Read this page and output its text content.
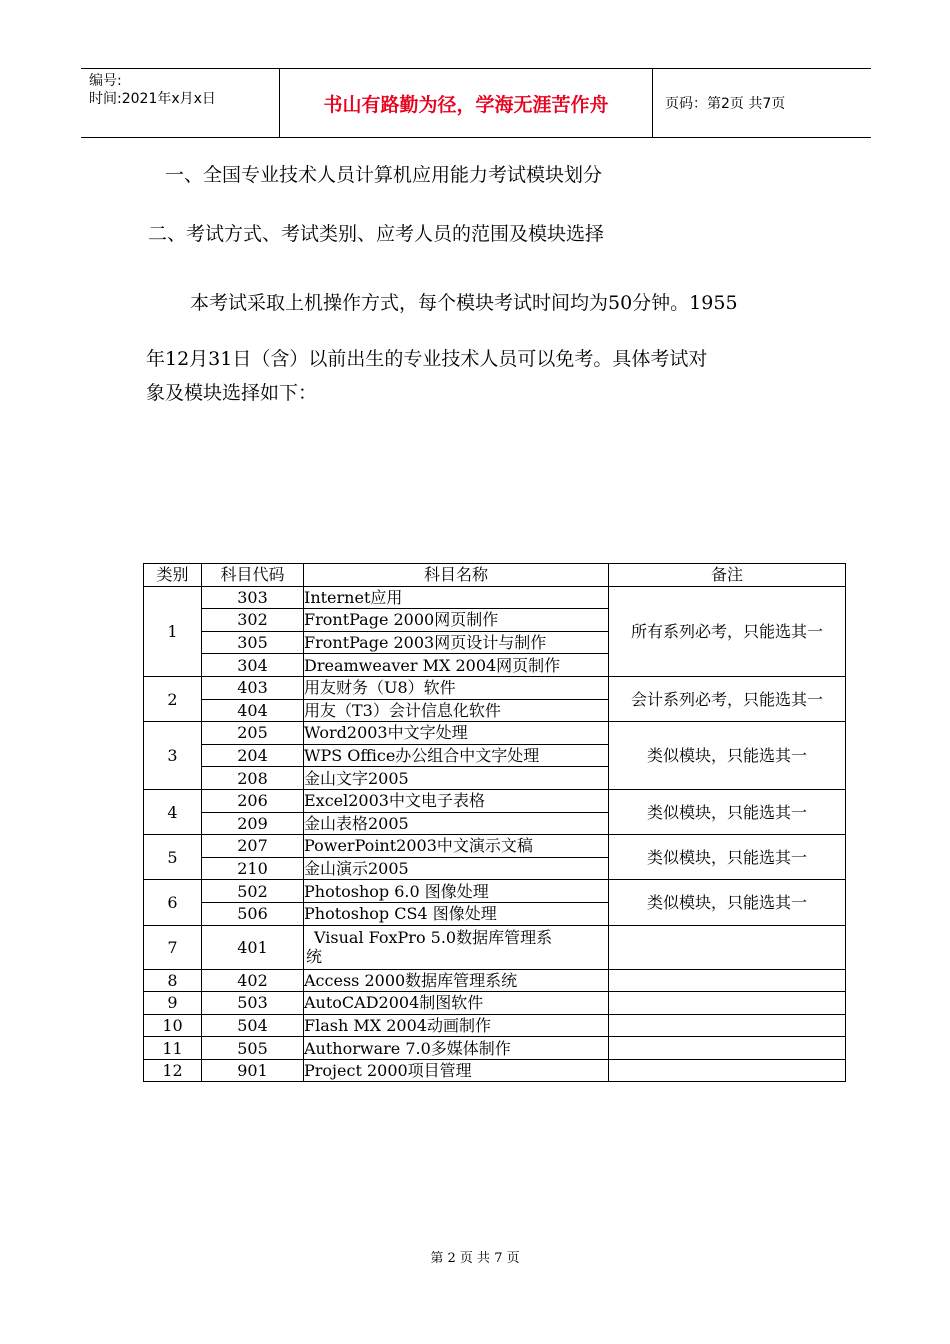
编号:
时间:2021年x月x日	书山有路勤为径，学海无涯苦作舟	页码：第2页 共7页
一、全国专业技术人员计算机应用能力考试模块划分
二、考试方式、考试类别、应考人员的范围及模块选择
本考试采取上机操作方式，每个模块考试时间均为50分钟。1955
年12月31日（含）以前出生的专业技术人员可以免考。具体考试对
象及模块选择如下：
类别	科目代码	科目名称	备注
1	303	Internet应用	所有系列必考，只能选其一
	302	FrontPage 2000网页制作	
	305	FrontPage 2003网页设计与制作	
	304	Dreamweaver MX 2004网页制作	
2	403	用友财务（U8）软件	会计系列必考，只能选其一
	404	用友（T3）会计信息化软件	
3	205	Word2003中文字处理	类似模块，只能选其一
	204	WPS Office办公组合中文字处理	
	208	金山文字2005	
4	206	Excel2003中文电子表格	类似模块，只能选其一
	209	金山表格2005	
5	207	PowerPoint2003中文演示文稿	类似模块，只能选其一
	210	金山演示2005	
6	502	Photoshop 6.0 图像处理	类似模块，只能选其一
	506	Photoshop CS4 图像处理	
7	401	Visual FoxPro 5.0数据库管理系
统	

8	402	Access 2000数据库管理系统	
9	503	AutoCAD2004制图软件	
10	504	Flash MX 2004动画制作	
11	505	Authorware 7.0多媒体制作	
12	901	Project 2000项目管理	
第 2 页 共 7 页
